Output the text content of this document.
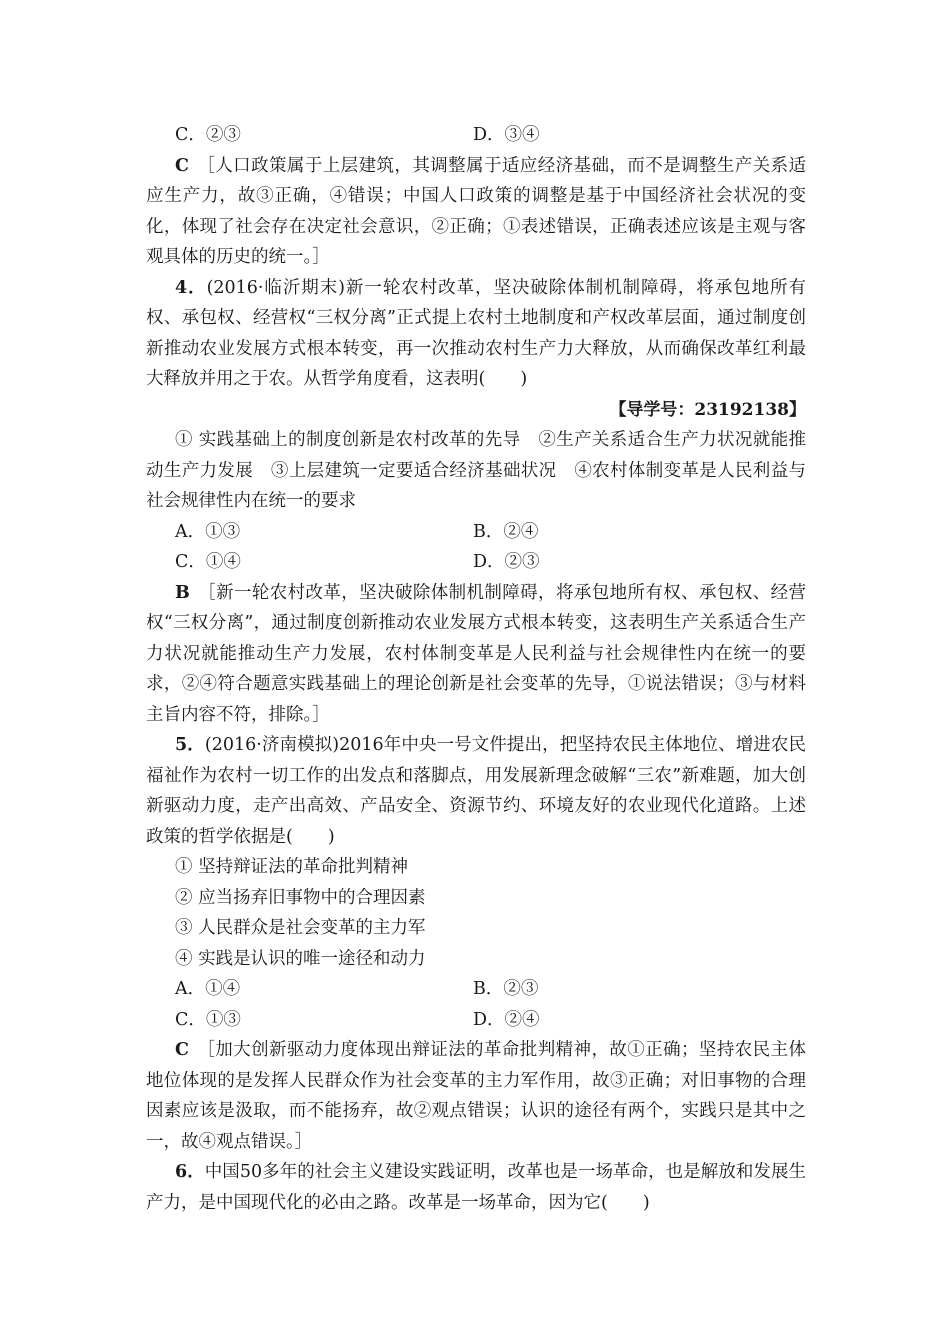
C．②③	D．③④

C ［人口政策属于上层建筑，其调整属于适应经济基础，而不是调整生产关系适应生产力，故③正确，④错误；中国人口政策的调整是基于中国经济社会状况的变化，体现了社会存在决定社会意识，②正确；①表述错误，正确表述应该是主观与客观具体的历史的统一。］

4．(2016·临沂期末)新一轮农村改革，坚决破除体制机制障碍，将承包地所有权、承包权、经营权“三权分离”正式提上农村土地制度和产权改革层面，通过制度创新推动农业发展方式根本转变，再一次推动农村生产力大释放，从而确保改革红利最大释放并用之于农。从哲学角度看，这表明(　　)

【导学号：23192138】

① 实践基础上的制度创新是农村改革的先导　②生产关系适合生产力状况就能推动生产力发展　③上层建筑一定要适合经济基础状况　④农村体制变革是人民利益与社会规律性内在统一的要求

A．①③	B．②④
C．①④	D．②③

B ［新一轮农村改革，坚决破除体制机制障碍，将承包地所有权、承包权、经营权“三权分离”，通过制度创新推动农业发展方式根本转变，这表明生产关系适合生产力状况就能推动生产力发展，农村体制变革是人民利益与社会规律性内在统一的要求，②④符合题意实践基础上的理论创新是社会变革的先导，①说法错误；③与材料主旨内容不符，排除。］

5．(2016·济南模拟)2016年中央一号文件提出，把坚持农民主体地位、增进农民福祉作为农村一切工作的出发点和落脚点，用发展新理念破解“三农”新难题，加大创新驱动力度，走产出高效、产品安全、资源节约、环境友好的农业现代化道路。上述政策的哲学依据是(　　)

① 坚持辩证法的革命批判精神

② 应当扬弃旧事物中的合理因素

③ 人民群众是社会变革的主力军

④ 实践是认识的唯一途径和动力

A．①④	B．②③
C．①③	D．②④

C ［加大创新驱动力度体现出辩证法的革命批判精神，故①正确；坚持农民主体地位体现的是发挥人民群众作为社会变革的主力军作用，故③正确；对旧事物的合理因素应该是汲取，而不能扬弃，故②观点错误；认识的途径有两个，实践只是其中之一，故④观点错误。］

6．中国50多年的社会主义建设实践证明，改革也是一场革命，也是解放和发展生产力，是中国现代化的必由之路。改革是一场革命，因为它(　　)
